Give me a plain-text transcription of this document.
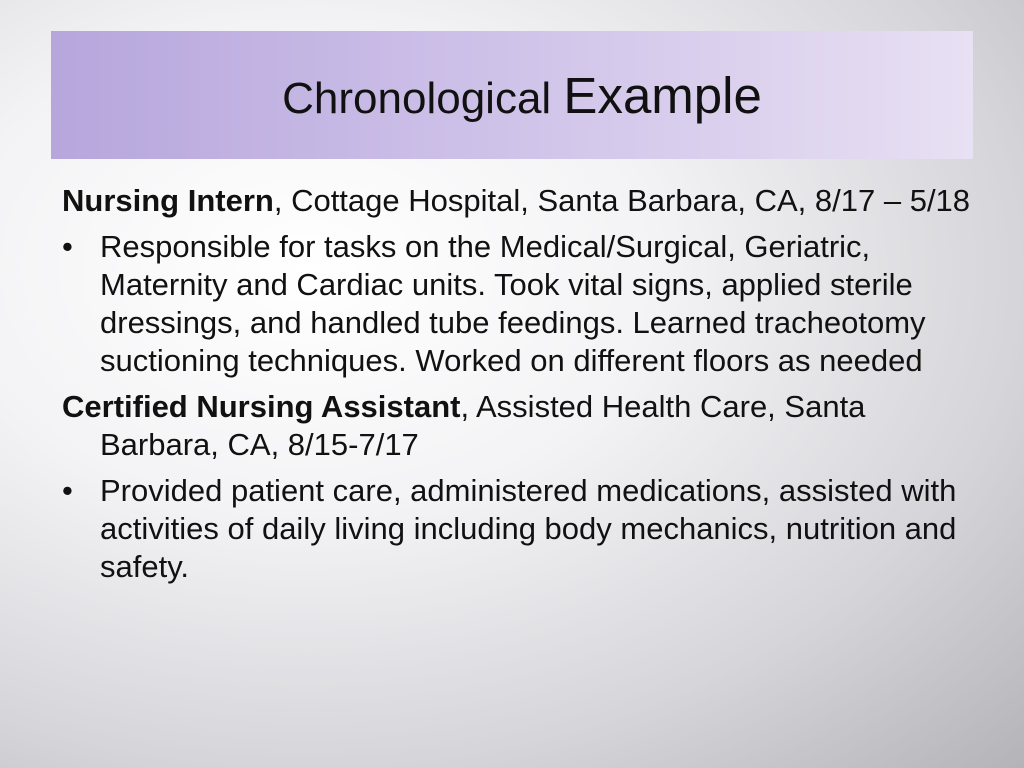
Chronological Example
Nursing Intern, Cottage Hospital, Santa Barbara, CA, 8/17 – 5/18
• Responsible for tasks on the Medical/Surgical, Geriatric, Maternity and Cardiac units. Took vital signs, applied sterile dressings, and handled tube feedings. Learned tracheotomy suctioning techniques. Worked on different floors as needed
Certified Nursing Assistant, Assisted Health Care, Santa Barbara, CA, 8/15-7/17
• Provided patient care, administered medications, assisted with activities of daily living including body mechanics, nutrition and safety.
